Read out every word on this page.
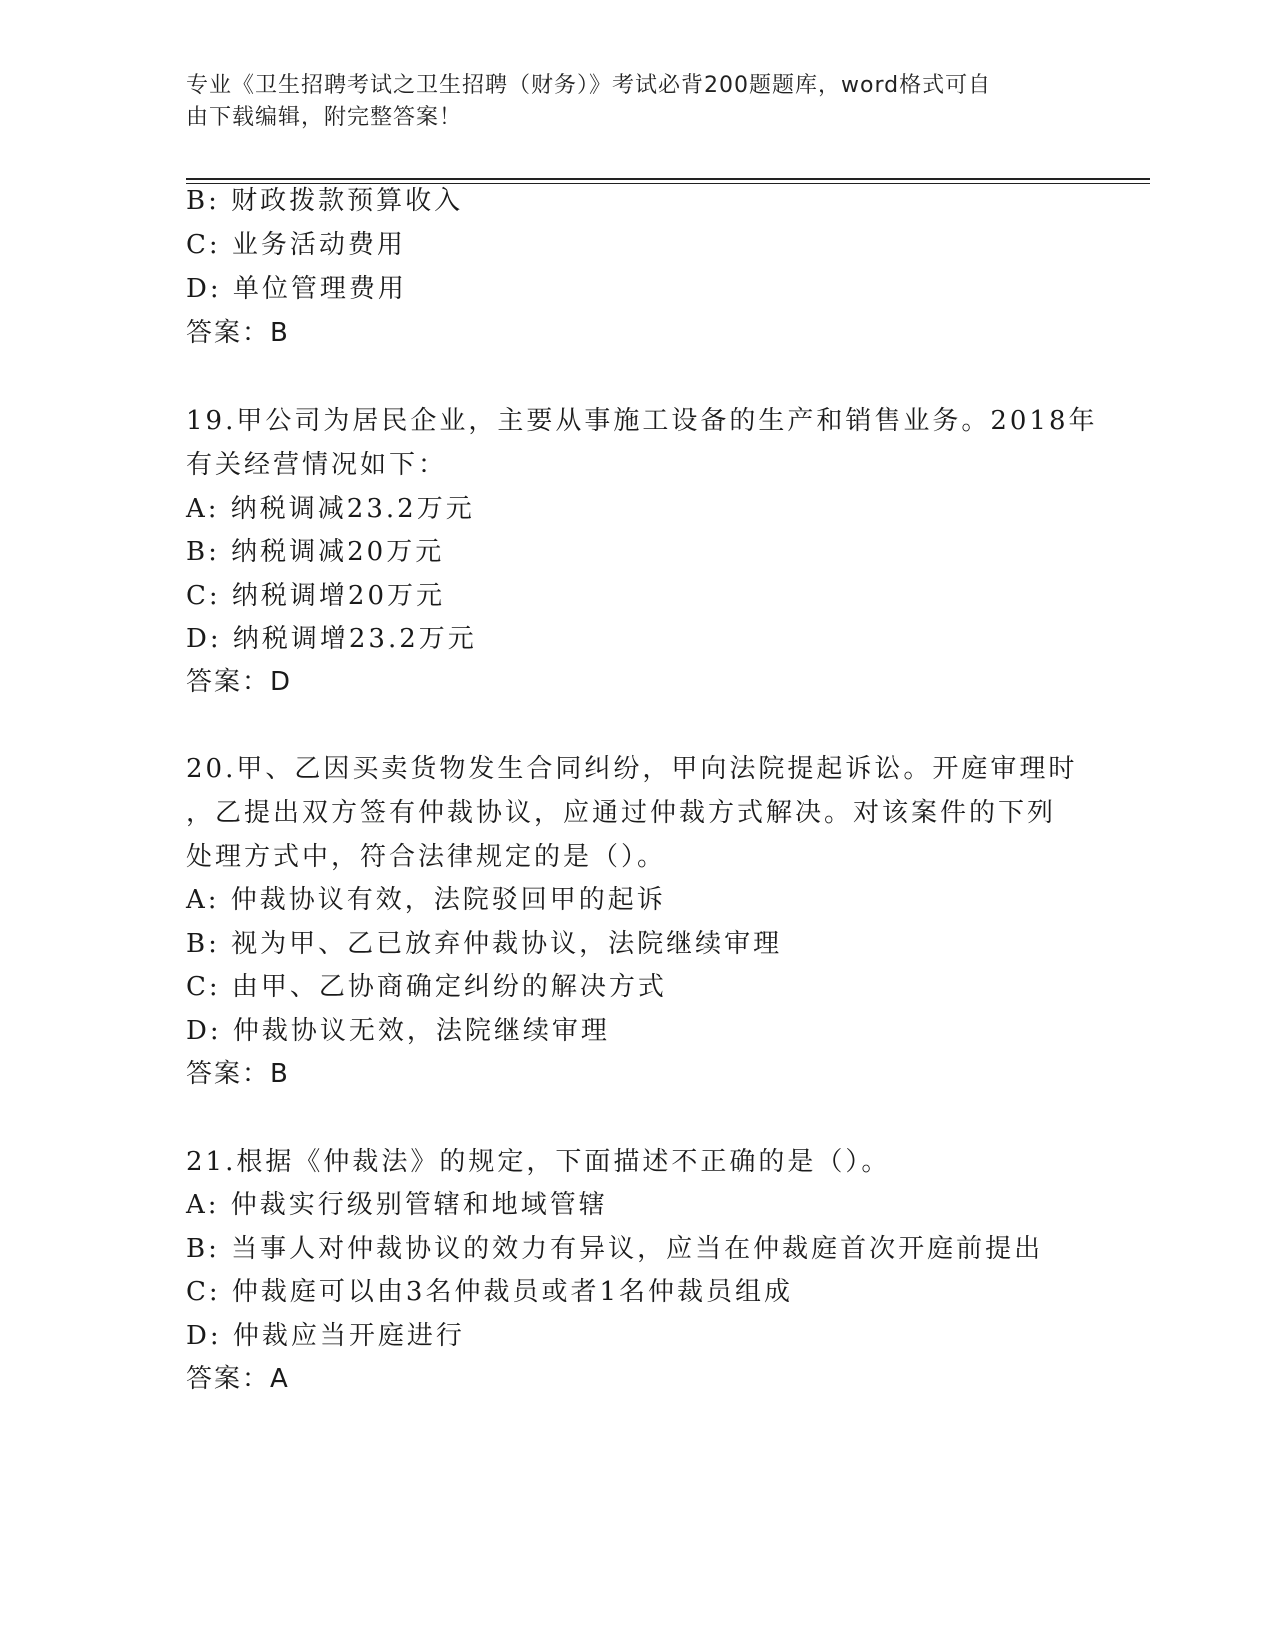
专业《卫生招聘考试之卫生招聘（财务）》考试必背200题题库，word格式可自
由下载编辑，附完整答案！
B: 财政拨款预算收入
C: 业务活动费用
D: 单位管理费用
答案：B
19.甲公司为居民企业，主要从事施工设备的生产和销售业务。2018年
有关经营情况如下：
A: 纳税调减23.2万元
B: 纳税调减20万元
C: 纳税调增20万元
D: 纳税调增23.2万元
答案：D
20.甲、乙因买卖货物发生合同纠纷，甲向法院提起诉讼。开庭审理时
，乙提出双方签有仲裁协议，应通过仲裁方式解决。对该案件的下列
处理方式中，符合法律规定的是（）。
A: 仲裁协议有效，法院驳回甲的起诉
B: 视为甲、乙已放弃仲裁协议，法院继续审理
C: 由甲、乙协商确定纠纷的解决方式
D: 仲裁协议无效，法院继续审理
答案：B
21.根据《仲裁法》的规定，下面描述不正确的是（）。
A: 仲裁实行级别管辖和地域管辖
B: 当事人对仲裁协议的效力有异议，应当在仲裁庭首次开庭前提出
C: 仲裁庭可以由3名仲裁员或者1名仲裁员组成
D: 仲裁应当开庭进行
答案：A
